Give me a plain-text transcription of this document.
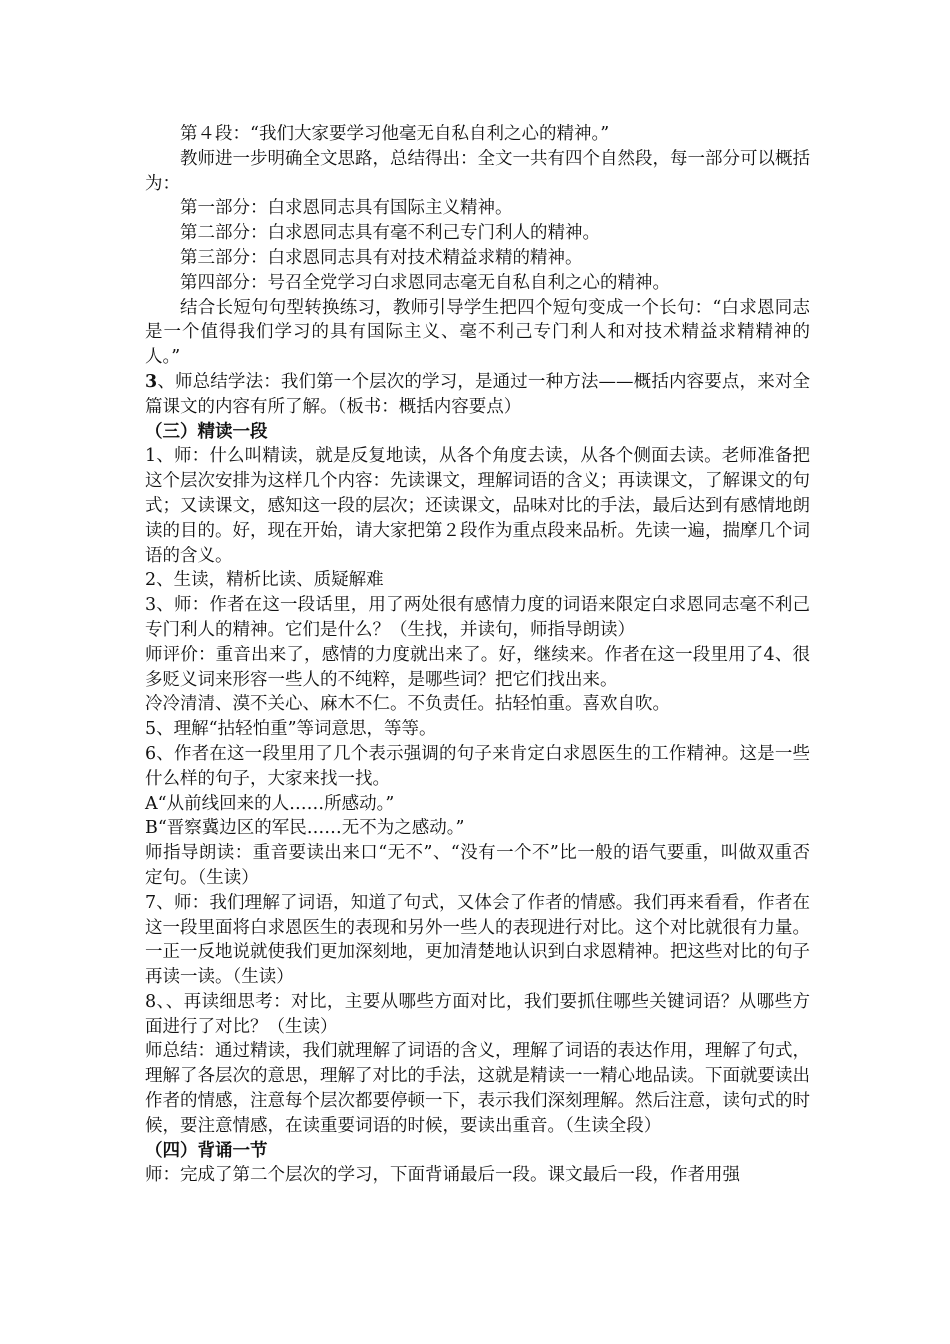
第４段：“我们大家要学习他毫无自私自利之心的精神。”

教师进一步明确全文思路，总结得出：全文一共有四个自然段，每一部分可以概括为：

第一部分：白求恩同志具有国际主义精神。

第二部分：白求恩同志具有毫不利己专门利人的精神。

第三部分：白求恩同志具有对技术精益求精的精神。

第四部分：号召全党学习白求恩同志毫无自私自利之心的精神。

结合长短句句型转换练习，教师引导学生把四个短句变成一个长句：“白求恩同志是一个值得我们学习的具有国际主义、毫不利己专门利人和对技术精益求精精神的人。”

3、师总结学法：我们第一个层次的学习，是通过一种方法——概括内容要点，来对全篇课文的内容有所了解。（板书：概括内容要点）

（三）精读一段

1、师：什么叫精读，就是反复地读，从各个角度去读，从各个侧面去读。老师准备把这个层次安排为这样几个内容：先读课文，理解词语的含义；再读课文，了解课文的句式；又读课文，感知这一段的层次；还读课文，品味对比的手法，最后达到有感情地朗读的目的。好，现在开始，请大家把第２段作为重点段来品析。先读一遍，揣摩几个词语的含义。

2、生读，精析比读、质疑解难

3、师：作者在这一段话里，用了两处很有感情力度的词语来限定白求恩同志毫不利己专门利人的精神。它们是什么？（生找，并读句，师指导朗读）

师评价：重音出来了，感情的力度就出来了。好，继续来。作者在这一段里用了4、很多贬义词来形容一些人的不纯粹，是哪些词？把它们找出来。

冷冷清清、漠不关心、麻木不仁。不负责任。拈轻怕重。喜欢自吹。

5、理解“拈轻怕重”等词意思，等等。

6、作者在这一段里用了几个表示强调的句子来肯定白求恩医生的工作精神。这是一些什么样的句子，大家来找一找。

A“从前线回来的人……所感动。”

B“晋察冀边区的军民……无不为之感动。”

师指导朗读：重音要读出来口“无不”、“没有一个不”比一般的语气要重，叫做双重否定句。（生读）

7、师：我们理解了词语，知道了句式，又体会了作者的情感。我们再来看看，作者在这一段里面将白求恩医生的表现和另外一些人的表现进行对比。这个对比就很有力量。一正一反地说就使我们更加深刻地，更加清楚地认识到白求恩精神。把这些对比的句子再读一读。（生读）

8、、再读细思考：对比，主要从哪些方面对比，我们要抓住哪些关键词语？从哪些方面进行了对比？（生读）

师总结：通过精读，我们就理解了词语的含义，理解了词语的表达作用，理解了句式，理解了各层次的意思，理解了对比的手法，这就是精读一一精心地品读。下面就要读出作者的情感，注意每个层次都要停顿一下，表示我们深刻理解。然后注意，读句式的时候，要注意情感，在读重要词语的时候，要读出重音。（生读全段）

（四）背诵一节

师：完成了第二个层次的学习，下面背诵最后一段。课文最后一段，作者用强
